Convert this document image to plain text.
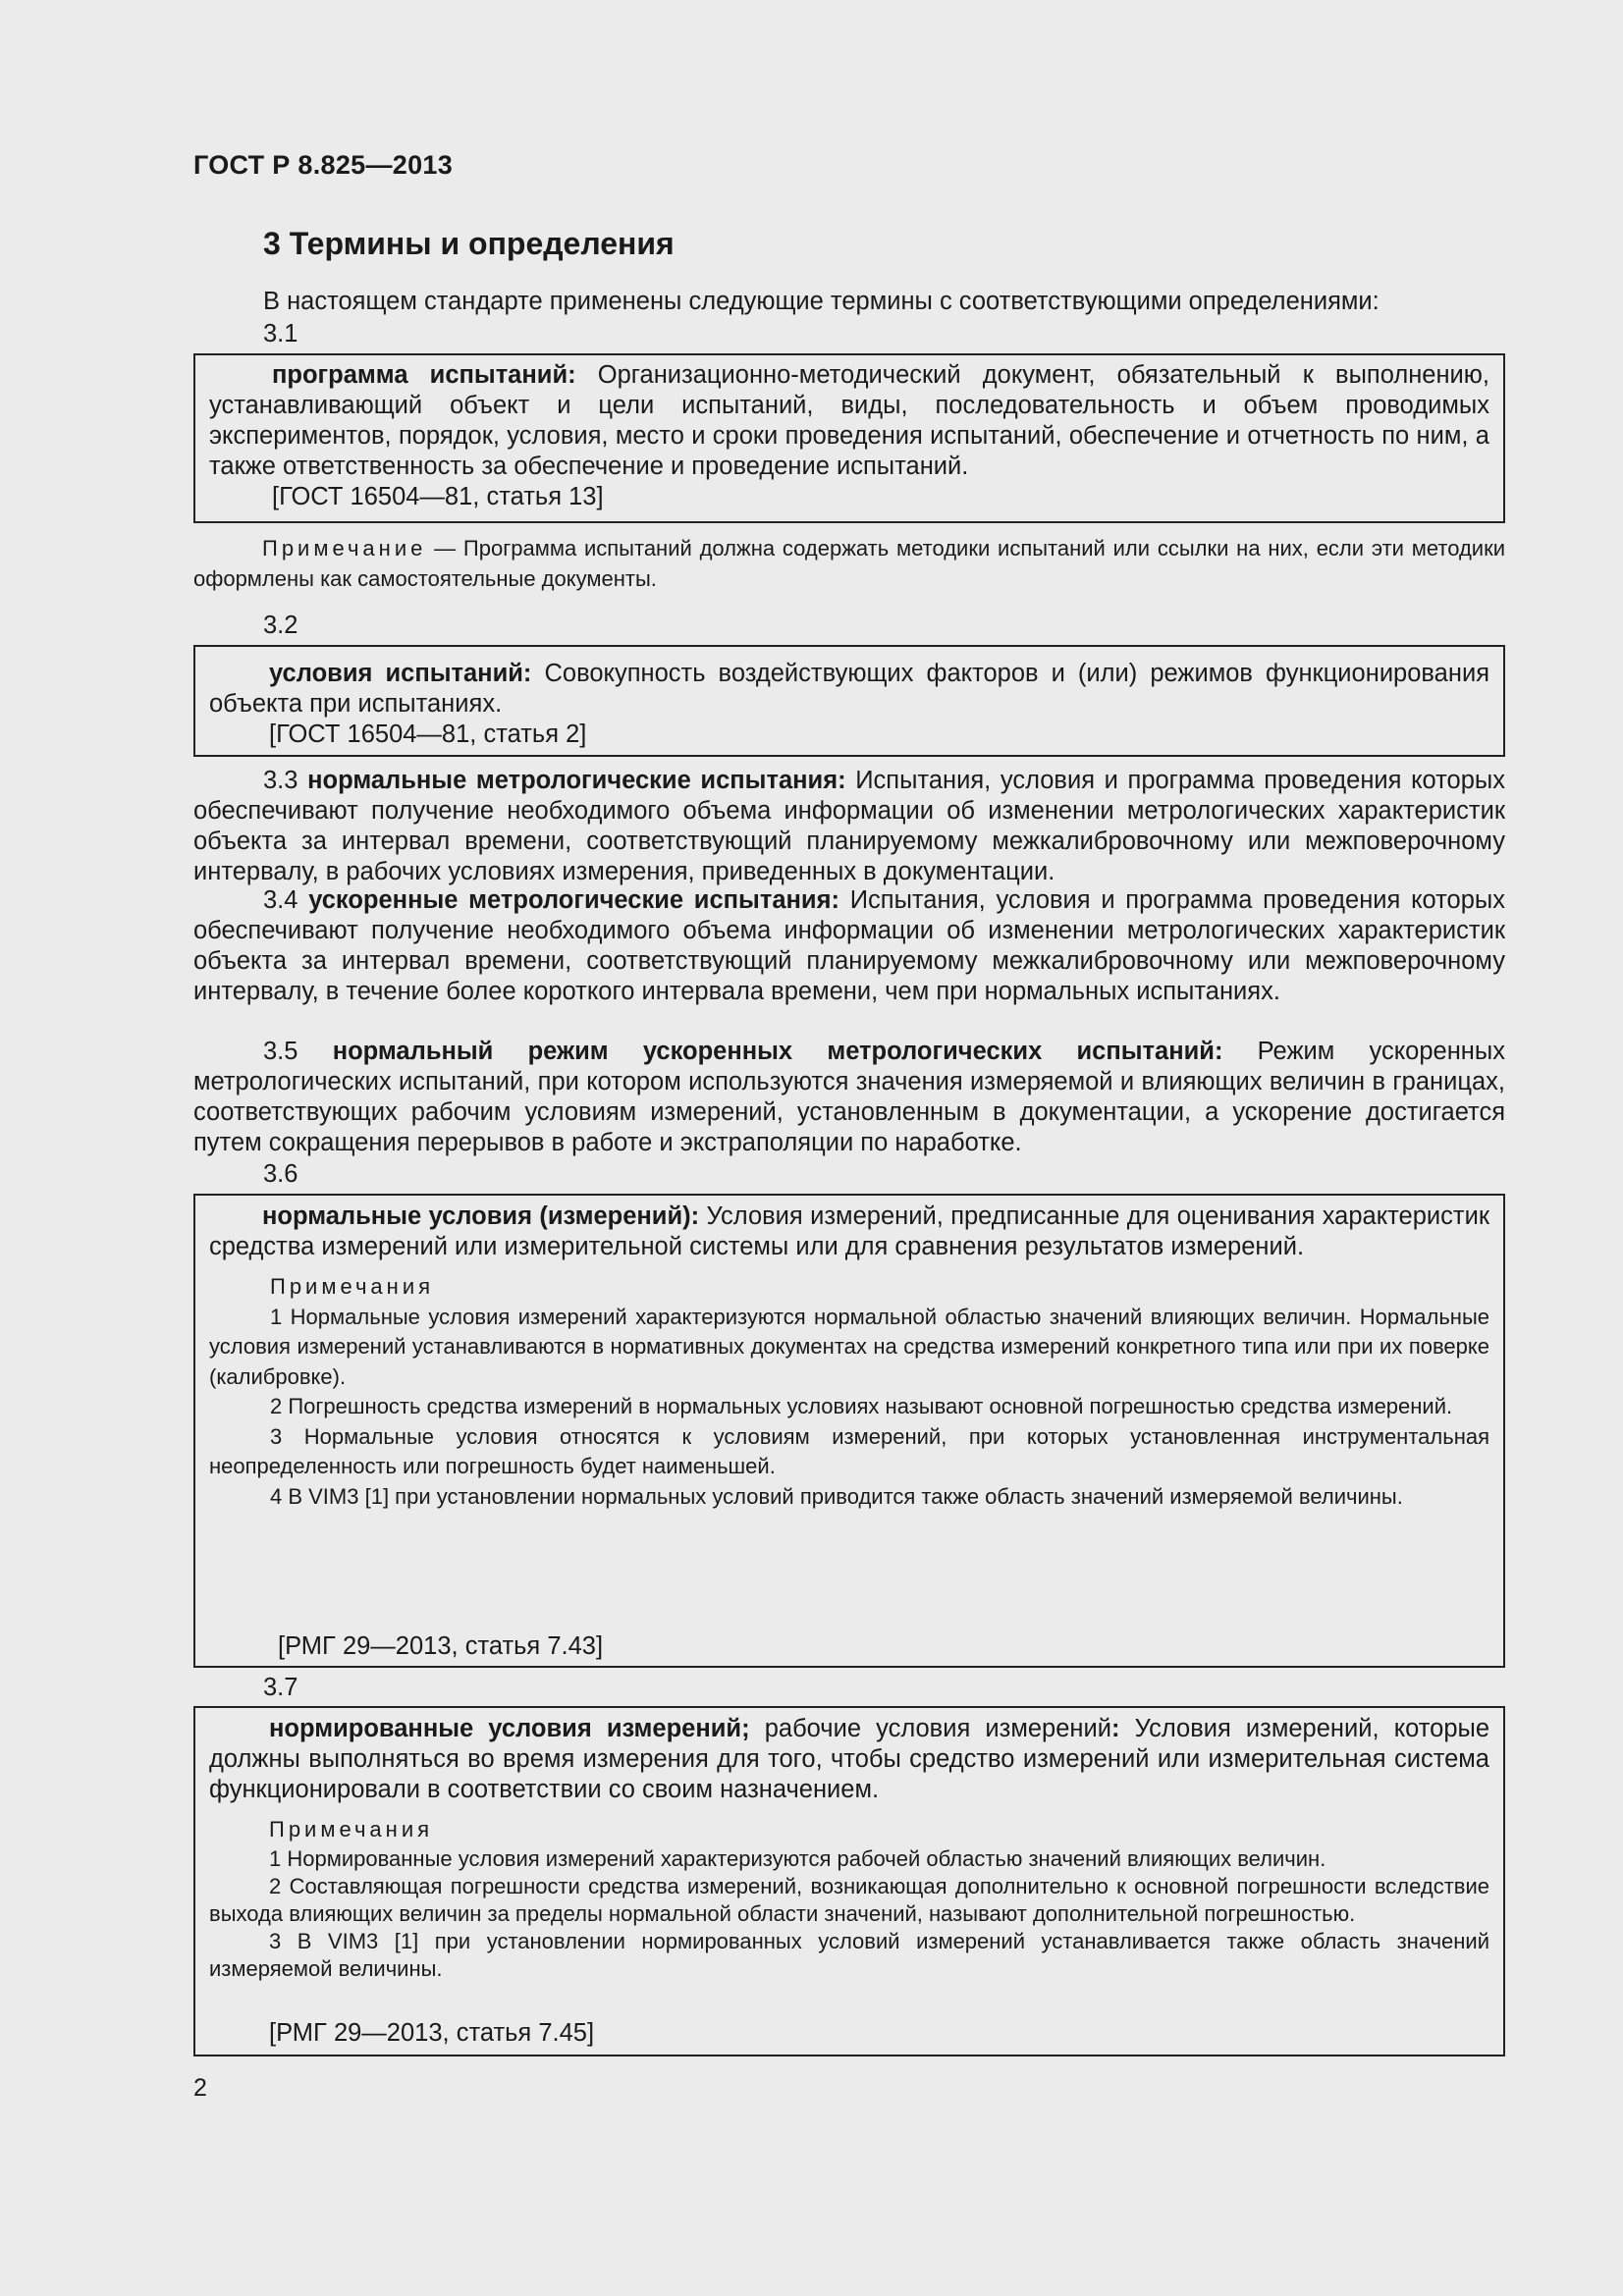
ГОСТ Р 8.825—2013
3 Термины и определения
В настоящем стандарте применены следующие термины с соответствующими определениями:
3.1

программа испытаний: Организационно-методический документ, обязательный к выполнению, устанавливающий объект и цели испытаний, виды, последовательность и объем проводимых экспериментов, порядок, условия, место и сроки проведения испытаний, обеспечение и отчетность по ним, а также ответственность за обеспечение и проведение испытаний.

[ГОСТ 16504—81, статья 13]
Примечание — Программа испытаний должна содержать методики испытаний или ссылки на них, если эти методики оформлены как самостоятельные документы.
3.2

условия испытаний: Совокупность воздействующих факторов и (или) режимов функционирования объекта при испытаниях.

[ГОСТ 16504—81, статья 2]
3.3 нормальные метрологические испытания: Испытания, условия и программа проведения которых обеспечивают получение необходимого объема информации об изменении метрологических характеристик объекта за интервал времени, соответствующий планируемому межкалибровочному или межповерочному интервалу, в рабочих условиях измерения, приведенных в документации.
3.4 ускоренные метрологические испытания: Испытания, условия и программа проведения которых обеспечивают получение необходимого объема информации об изменении метрологических характеристик объекта за интервал времени, соответствующий планируемому межкалибровочному или межповерочному интервалу, в течение более короткого интервала времени, чем при нормальных испытаниях.
3.5 нормальный режим ускоренных метрологических испытаний: Режим ускоренных метрологических испытаний, при котором используются значения измеряемой и влияющих величин в границах, соответствующих рабочим условиям измерений, установленным в документации, а ускорение достигается путем сокращения перерывов в работе и экстраполяции по наработке.
3.6

нормальные условия (измерений): Условия измерений, предписанные для оценивания характеристик средства измерений или измерительной системы или для сравнения результатов измерений.

Примечания
1 Нормальные условия измерений характеризуются нормальной областью значений влияющих величин. Нормальные условия измерений устанавливаются в нормативных документах на средства измерений конкретного типа или при их поверке (калибровке).
2 Погрешность средства измерений в нормальных условиях называют основной погрешностью средства измерений.
3 Нормальные условия относятся к условиям измерений, при которых установленная инструментальная неопределенность или погрешность будет наименьшей.
4 В VIM3 [1] при установлении нормальных условий приводится также область значений измеряемой величины.
[РМГ 29—2013, статья 7.43]
3.7

нормированные условия измерений; рабочие условия измерений: Условия измерений, которые должны выполняться во время измерения для того, чтобы средство измерений или измерительная система функционировали в соответствии со своим назначением.

Примечания
1 Нормированные условия измерений характеризуются рабочей областью значений влияющих величин.
2 Составляющая погрешности средства измерений, возникающая дополнительно к основной погрешности вследствие выхода влияющих величин за пределы нормальной области значений, называют дополнительной погрешностью.
3 В VIM3 [1] при установлении нормированных условий измерений устанавливается также область значений измеряемой величины.
[РМГ 29—2013, статья 7.45]
2
